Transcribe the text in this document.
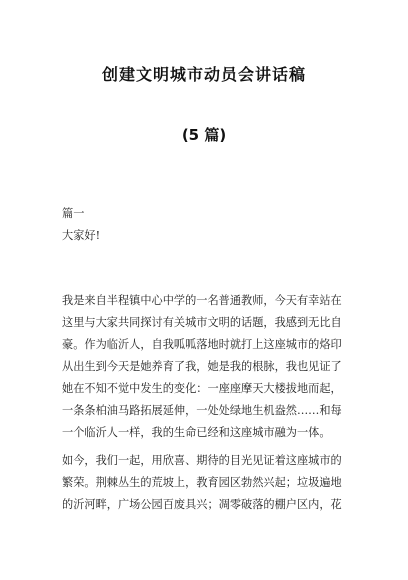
创建文明城市动员会讲话稿
(5 篇)
篇一
大家好!
我是来自半程镇中心中学的一名普通教师，今天有幸站在
这里与大家共同探讨有关城市文明的话题，我感到无比自
豪。作为临沂人，自我呱呱落地时就打上这座城市的烙印
从出生到今天是她养育了我，她是我的根脉，我也见证了
她在不知不觉中发生的变化：一座座摩天大楼拔地而起，
一条条柏油马路拓展延伸，一处处绿地生机盎然……和每
一个临沂人一样，我的生命已经和这座城市融为一体。
如今，我们一起，用欣喜、期待的目光见证着这座城市的
繁荣。荆棘丛生的荒坡上，教育园区勃然兴起；垃圾遍地
的沂河畔，广场公园百废具兴；凋零破落的棚户区内，花
